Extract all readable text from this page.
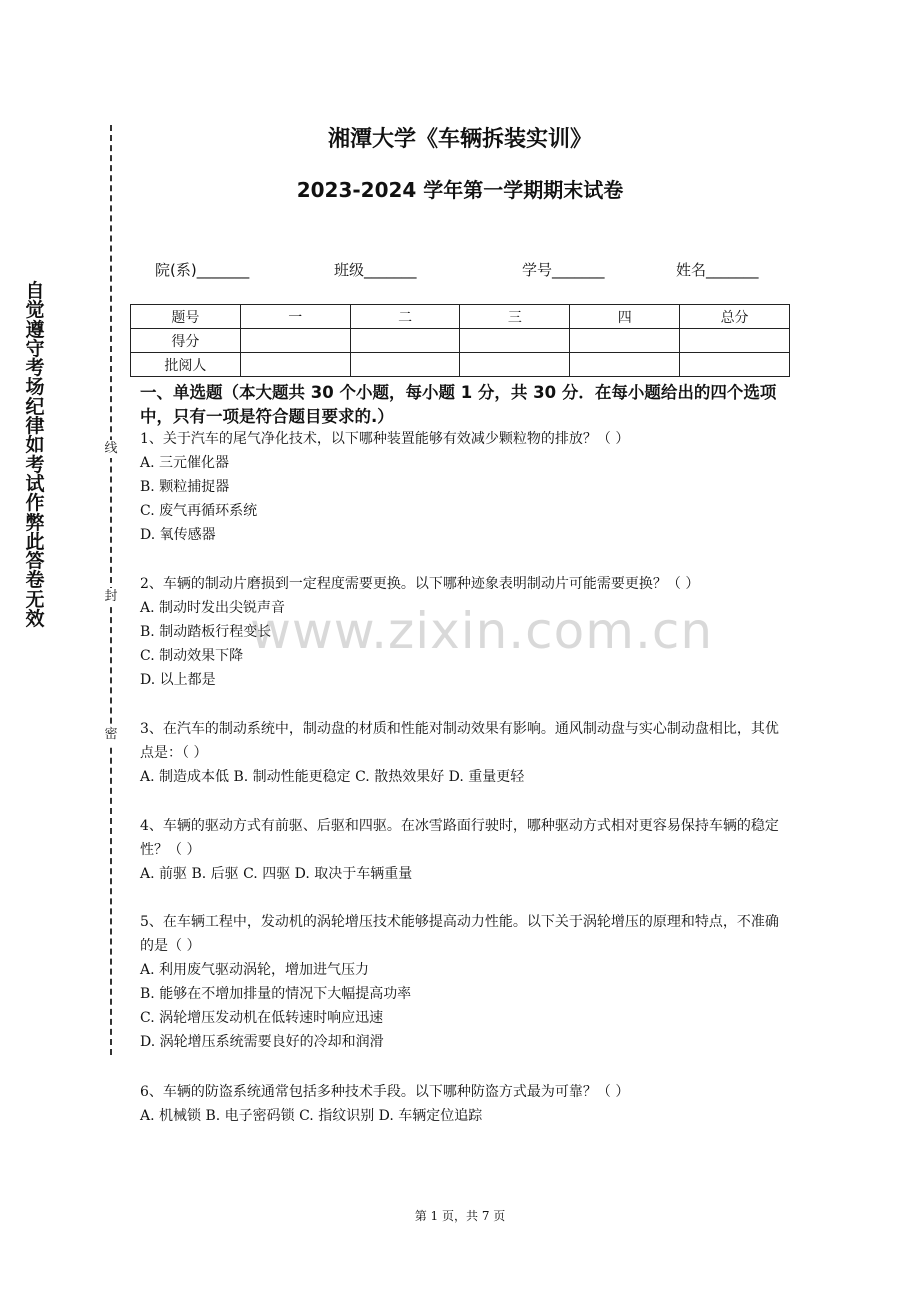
自觉遵守考场纪律如考试作弊此答卷无效
线
封
密
湘潭大学《车辆拆装实训》
2023-2024 学年第一学期期末试卷
院(系)_______	班级_______	学号_______	姓名_______
题号	一	二	三	四	总分
得分					
批阅人					
一、单选题（本大题共 30 个小题，每小题 1 分，共 30 分．在每小题给出的四个选项中，只有一项是符合题目要求的.）
www.zixin.com.cn
1、关于汽车的尾气净化技术，以下哪种装置能够有效减少颗粒物的排放？（ ）
A. 三元催化器
B. 颗粒捕捉器
C. 废气再循环系统
D. 氧传感器
2、车辆的制动片磨损到一定程度需要更换。以下哪种迹象表明制动片可能需要更换？（ ）
A. 制动时发出尖锐声音
B. 制动踏板行程变长
C. 制动效果下降
D. 以上都是
3、在汽车的制动系统中，制动盘的材质和性能对制动效果有影响。通风制动盘与实心制动盘相比，其优点是：（ ）
A. 制造成本低 B. 制动性能更稳定 C. 散热效果好 D. 重量更轻
4、车辆的驱动方式有前驱、后驱和四驱。在冰雪路面行驶时，哪种驱动方式相对更容易保持车辆的稳定性？（ ）
A. 前驱 B. 后驱 C. 四驱 D. 取决于车辆重量
5、在车辆工程中，发动机的涡轮增压技术能够提高动力性能。以下关于涡轮增压的原理和特点，不准确的是（ ）
A. 利用废气驱动涡轮，增加进气压力
B. 能够在不增加排量的情况下大幅提高功率
C. 涡轮增压发动机在低转速时响应迅速
D. 涡轮增压系统需要良好的冷却和润滑
6、车辆的防盗系统通常包括多种技术手段。以下哪种防盗方式最为可靠？（ ）
A. 机械锁 B. 电子密码锁 C. 指纹识别 D. 车辆定位追踪
第 1 页，共 7 页
